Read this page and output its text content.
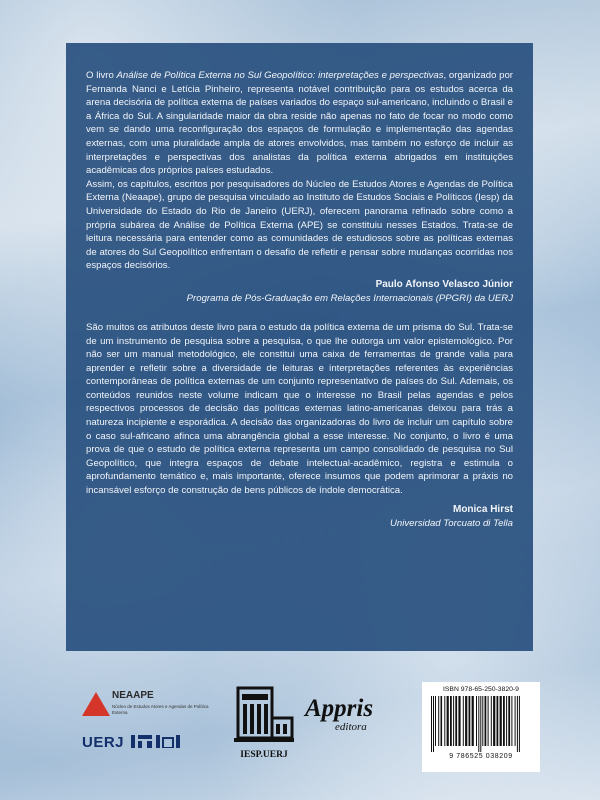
O livro Análise de Política Externa no Sul Geopolítico: interpretações e perspectivas, organizado por Fernanda Nanci e Letícia Pinheiro, representa notável contribuição para os estudos acerca da arena decisória de política externa de países variados do espaço sul-americano, incluindo o Brasil e a África do Sul. A singularidade maior da obra reside não apenas no fato de focar no modo como vem se dando uma reconfiguração dos espaços de formulação e implementação das agendas externas, com uma pluralidade ampla de atores envolvidos, mas também no esforço de incluir as interpretações e perspectivas dos analistas da política externa abrigados em instituições acadêmicas dos próprios países estudados.

Assim, os capítulos, escritos por pesquisadores do Núcleo de Estudos Atores e Agendas de Política Externa (Neaape), grupo de pesquisa vinculado ao Instituto de Estudos Sociais e Políticos (Iesp) da Universidade do Estado do Rio de Janeiro (UERJ), oferecem panorama refinado sobre como a própria subárea de Análise de Política Externa (APE) se constituiu nesses Estados. Trata-se de leitura necessária para entender como as comunidades de estudiosos sobre as políticas externas de atores do Sul Geopolítico enfrentam o desafio de refletir e pensar sobre mudanças ocorridas nos espaços decisórios.

Paulo Afonso Velasco Júnior
Programa de Pós-Graduação em Relações Internacionais (PPGRI) da UERJ

São muitos os atributos deste livro para o estudo da política externa de um prisma do Sul. Trata-se de um instrumento de pesquisa sobre a pesquisa, o que lhe outorga um valor epistemológico. Por não ser um manual metodológico, ele constitui uma caixa de ferramentas de grande valia para aprender e refletir sobre a diversidade de leituras e interpretações referentes às experiências contemporâneas de política externas de um conjunto representativo de países do Sul. Ademais, os conteúdos reunidos neste volume indicam que o interesse no Brasil pelas agendas e pelos respectivos processos de decisão das políticas externas latino-americanas deixou para trás a natureza incipiente e esporádica. A decisão das organizadoras do livro de incluir um capítulo sobre o caso sul-africano afinca uma abrangência global a esse interesse. No conjunto, o livro é uma prova de que o estudo de política externa representa um campo consolidado de pesquisa no Sul Geopolítico, que integra espaços de debate intelectual-acadêmico, registra e estimula o aprofundamento temático e, mais importante, oferece insumos que podem aprimorar a práxis no incansável esforço de construção de bens públicos de índole democrática.

Monica Hirst
Universidad Torcuato di Tella
NEAAPE
Núcleo de Estudos Atores e Agendas de Política Externa
UERJ
IESP.UERJ
Appris
editora
ISBN 978-65-250-3820-9
9 786525 038209
